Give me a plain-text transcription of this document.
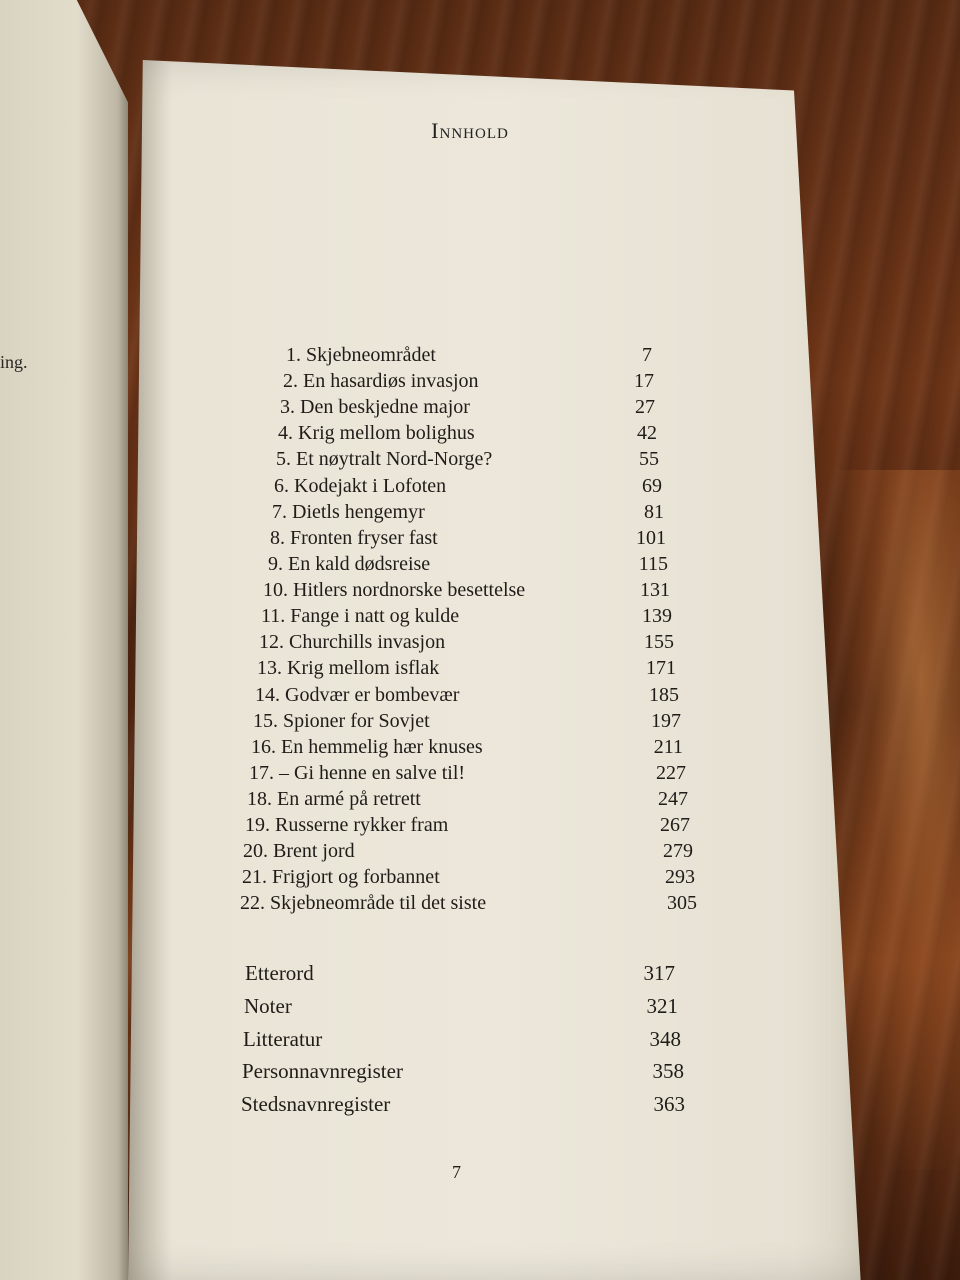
ing.
Innhold
1. Skjebneområdet	7
2. En hasardiøs invasjon	17
3. Den beskjedne major	27
4. Krig mellom bolighus	42
5. Et nøytralt Nord-Norge?	55
6. Kodejakt i Lofoten	69
7. Dietls hengemyr	81
8. Fronten fryser fast	101
9. En kald dødsreise	115
10. Hitlers nordnorske besettelse	131
11. Fange i natt og kulde	139
12. Churchills invasjon	155
13. Krig mellom isflak	171
14. Godvær er bombevær	185
15. Spioner for Sovjet	197
16. En hemmelig hær knuses	211
17. – Gi henne en salve til!	227
18. En armé på retrett	247
19. Russerne rykker fram	267
20. Brent jord	279
21. Frigjort og forbannet	293
22. Skjebneområde til det siste	305
Etterord	317
Noter	321
Litteratur	348
Personnavnregister	358
Stedsnavnregister	363
7
